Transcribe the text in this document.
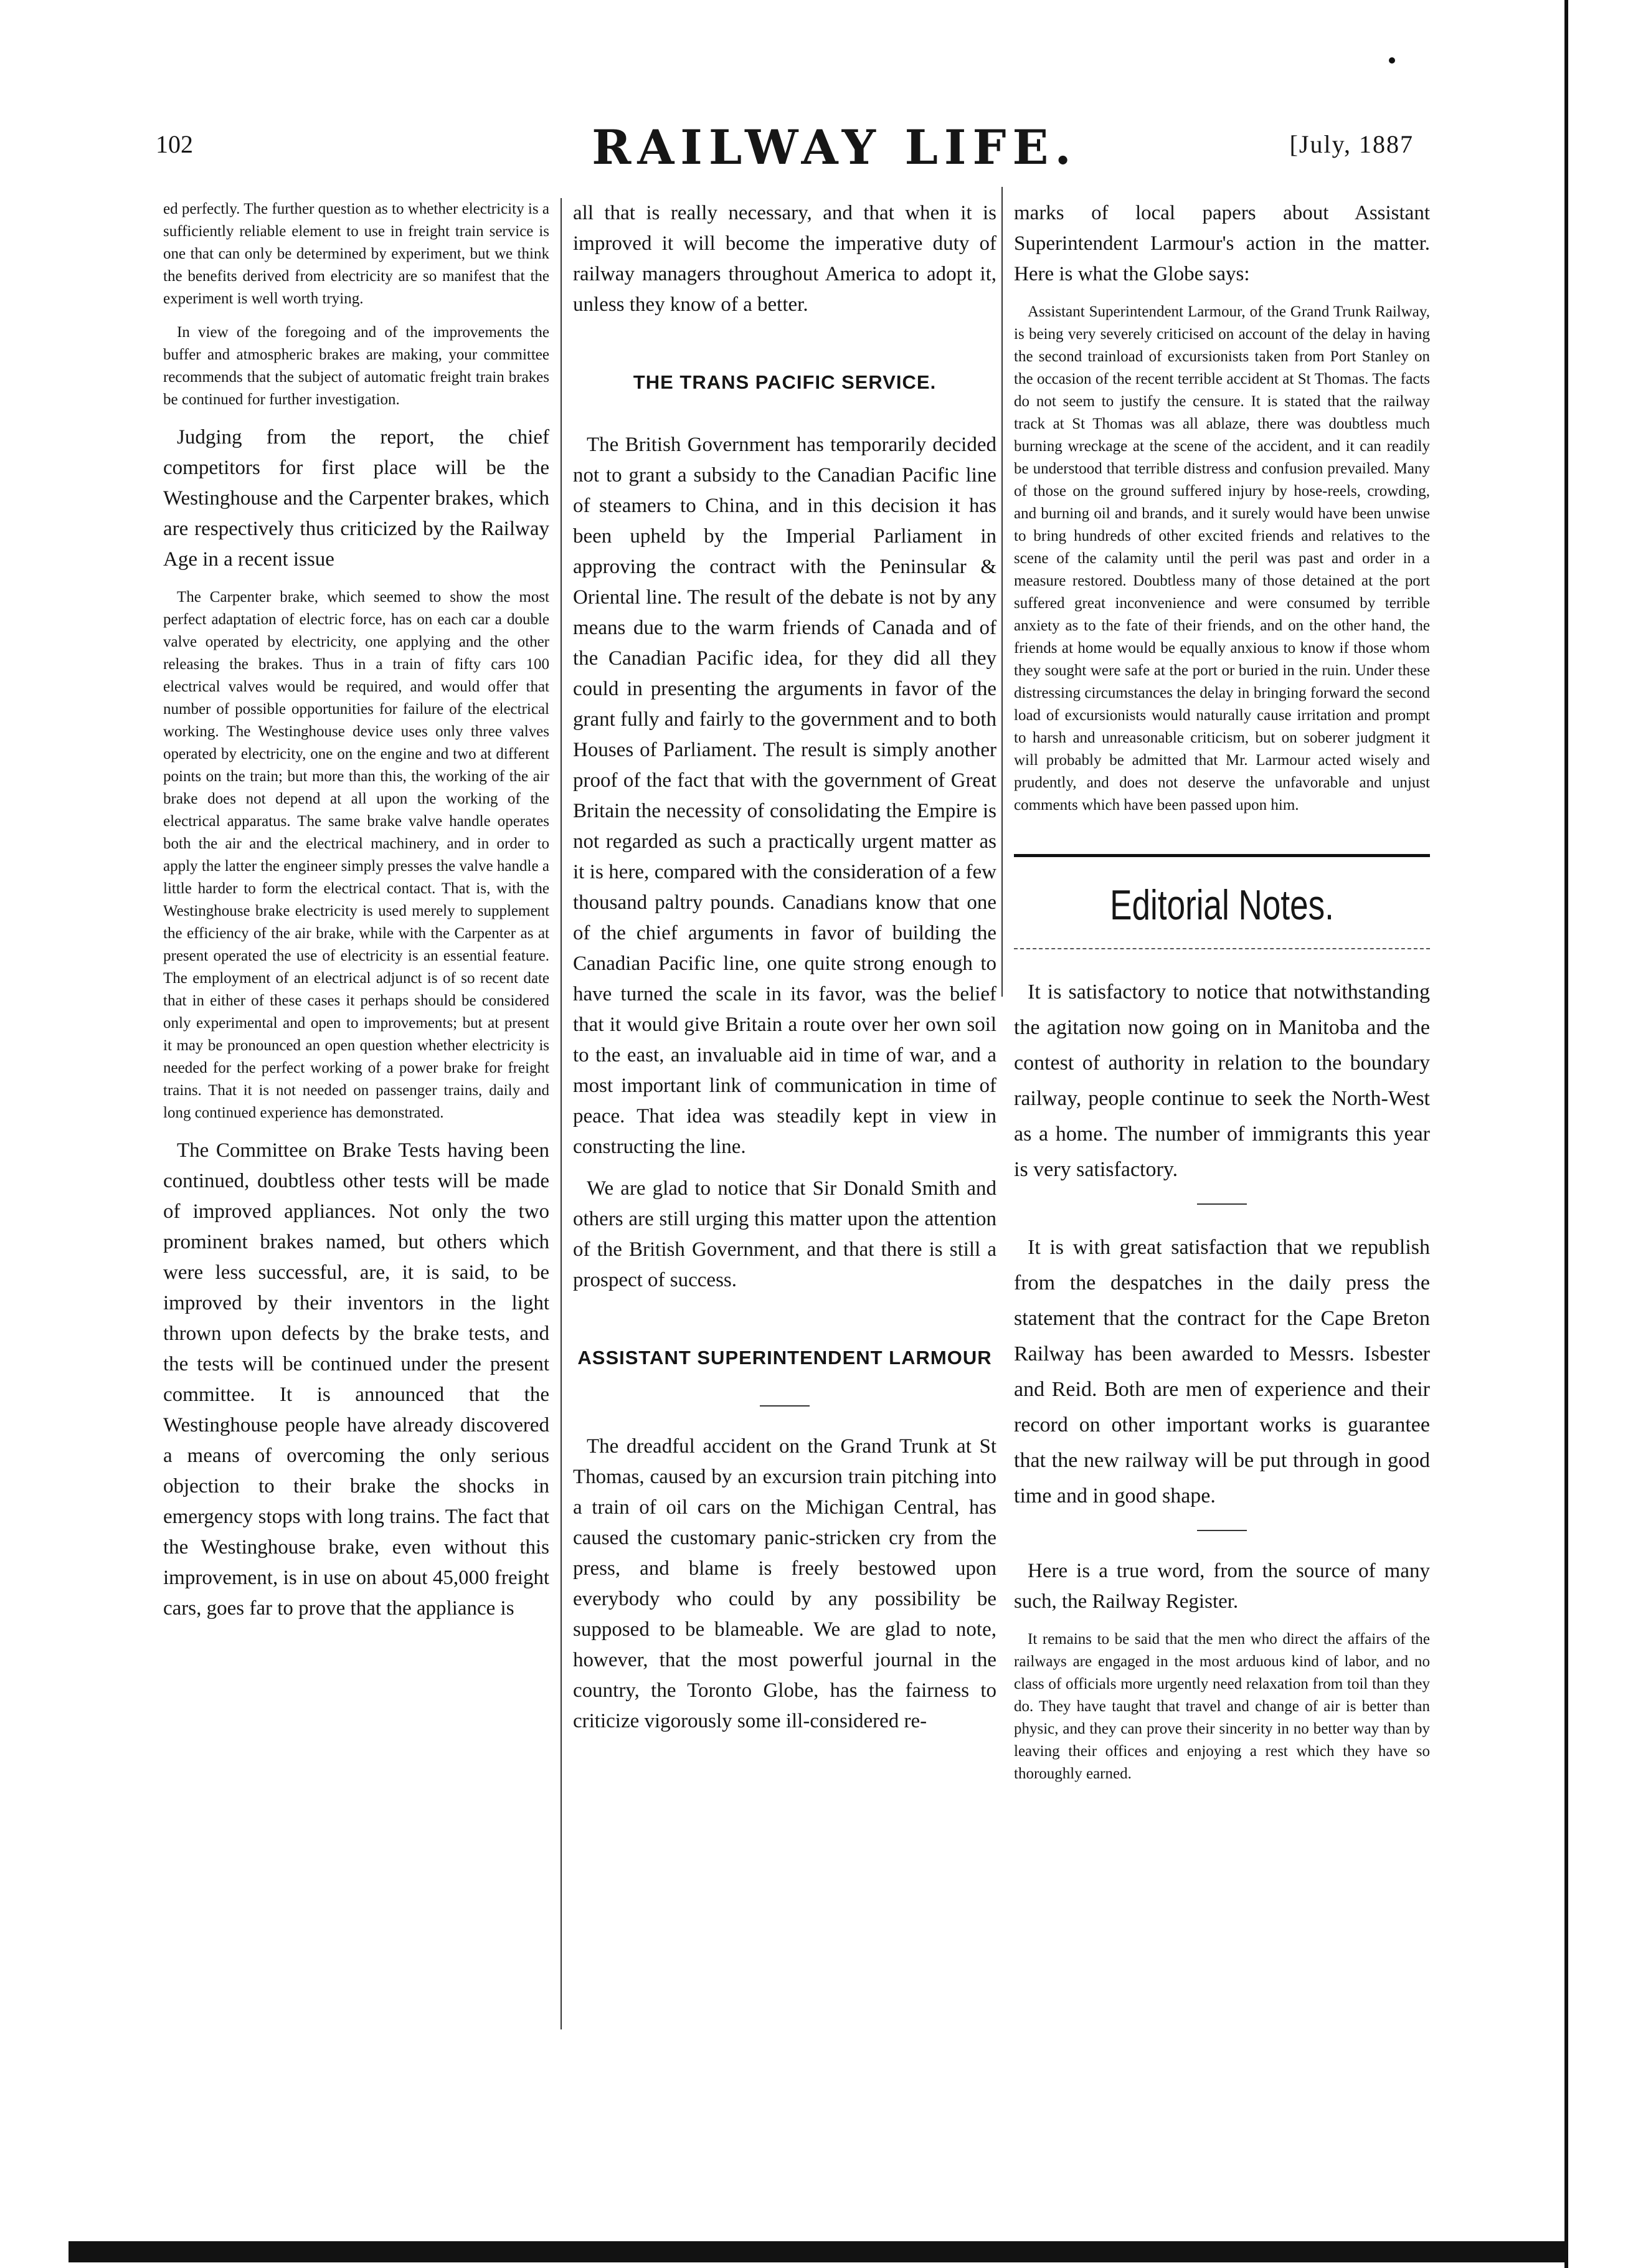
102	RAILWAY LIFE.	[July, 1887

ed perfectly. The further question as to whether electricity is a sufficiently reliable element to use in freight train service is one that can only be determined by experiment, but we think the benefits derived from electricity are so manifest that the experiment is well worth trying.

In view of the foregoing and of the improvements the buffer and atmospheric brakes are making, your committee recommends that the subject of automatic freight train brakes be continued for further investigation.

Judging from the report, the chief competitors for first place will be the Westinghouse and the Carpenter brakes, which are respectively thus criticized by the Railway Age in a recent issue

The Carpenter brake, which seemed to show the most perfect adaptation of electric force, has on each car a double valve operated by electricity, one applying and the other releasing the brakes. Thus in a train of fifty cars 100 electrical valves would be required, and would offer that number of possible opportunities for failure of the electrical working. The Westinghouse device uses only three valves operated by electricity, one on the engine and two at different points on the train; but more than this, the working of the air brake does not depend at all upon the working of the electrical apparatus. The same brake valve handle operates both the air and the electrical machinery, and in order to apply the latter the engineer simply presses the valve handle a little harder to form the electrical contact. That is, with the Westinghouse brake electricity is used merely to supplement the efficiency of the air brake, while with the Carpenter as at present operated the use of electricity is an essential feature. The employment of an electrical adjunct is of so recent date that in either of these cases it perhaps should be considered only experimental and open to improvements; but at present it may be pronounced an open question whether electricity is needed for the perfect working of a power brake for freight trains. That it is not needed on passenger trains, daily and long continued experience has demonstrated.

The Committee on Brake Tests having been continued, doubtless other tests will be made of improved appliances. Not only the two prominent brakes named, but others which were less successful, are, it is said, to be improved by their inventors in the light thrown upon defects by the brake tests, and the tests will be continued under the present committee. It is announced that the Westinghouse people have already discovered a means of overcoming the only serious objection to their brake the shocks in emergency stops with long trains. The fact that the Westinghouse brake, even without this improvement, is in use on about 45,000 freight cars, goes far to prove that the appliance is

all that is really necessary, and that when it is improved it will become the imperative duty of railway managers throughout America to adopt it, unless they know of a better.

THE TRANS PACIFIC SERVICE.

The British Government has temporarily decided not to grant a subsidy to the Canadian Pacific line of steamers to China, and in this decision it has been upheld by the Imperial Parliament in approving the contract with the Peninsular & Oriental line. The result of the debate is not by any means due to the warm friends of Canada and of the Canadian Pacific idea, for they did all they could in presenting the arguments in favor of the grant fully and fairly to the government and to both Houses of Parliament. The result is simply another proof of the fact that with the government of Great Britain the necessity of consolidating the Empire is not regarded as such a practically urgent matter as it is here, compared with the consideration of a few thousand paltry pounds. Canadians know that one of the chief arguments in favor of building the Canadian Pacific line, one quite strong enough to have turned the scale in its favor, was the belief that it would give Britain a route over her own soil to the east, an invaluable aid in time of war, and a most important link of communication in time of peace. That idea was steadily kept in view in constructing the line.

We are glad to notice that Sir Donald Smith and others are still urging this matter upon the attention of the British Government, and that there is still a prospect of success.

ASSISTANT SUPERINTENDENT LARMOUR

The dreadful accident on the Grand Trunk at St Thomas, caused by an excursion train pitching into a train of oil cars on the Michigan Central, has caused the customary panic-stricken cry from the press, and blame is freely bestowed upon everybody who could by any possibility be supposed to be blameable. We are glad to note, however, that the most powerful journal in the country, the Toronto Globe, has the fairness to criticize vigorously some ill-considered re-

marks of local papers about Assistant Superintendent Larmour's action in the matter. Here is what the Globe says:

Assistant Superintendent Larmour, of the Grand Trunk Railway, is being very severely criticised on account of the delay in having the second trainload of excursionists taken from Port Stanley on the occasion of the recent terrible accident at St Thomas. The facts do not seem to justify the censure. It is stated that the railway track at St Thomas was all ablaze, there was doubtless much burning wreckage at the scene of the accident, and it can readily be understood that terrible distress and confusion prevailed. Many of those on the ground suffered injury by hose-reels, crowding, and burning oil and brands, and it surely would have been unwise to bring hundreds of other excited friends and relatives to the scene of the calamity until the peril was past and order in a measure restored. Doubtless many of those detained at the port suffered great inconvenience and were consumed by terrible anxiety as to the fate of their friends, and on the other hand, the friends at home would be equally anxious to know if those whom they sought were safe at the port or buried in the ruin. Under these distressing circumstances the delay in bringing forward the second load of excursionists would naturally cause irritation and prompt to harsh and unreasonable criticism, but on soberer judgment it will probably be admitted that Mr. Larmour acted wisely and prudently, and does not deserve the unfavorable and unjust comments which have been passed upon him.

Editorial Notes.

It is satisfactory to notice that notwithstanding the agitation now going on in Manitoba and the contest of authority in relation to the boundary railway, people continue to seek the North-West as a home. The number of immigrants this year is very satisfactory.

It is with great satisfaction that we republish from the despatches in the daily press the statement that the contract for the Cape Breton Railway has been awarded to Messrs. Isbester and Reid. Both are men of experience and their record on other important works is guarantee that the new railway will be put through in good time and in good shape.

Here is a true word, from the source of many such, the Railway Register.

It remains to be said that the men who direct the affairs of the railways are engaged in the most arduous kind of labor, and no class of officials more urgently need relaxation from toil than they do. They have taught that travel and change of air is better than physic, and they can prove their sincerity in no better way than by leaving their offices and enjoying a rest which they have so thoroughly earned.
